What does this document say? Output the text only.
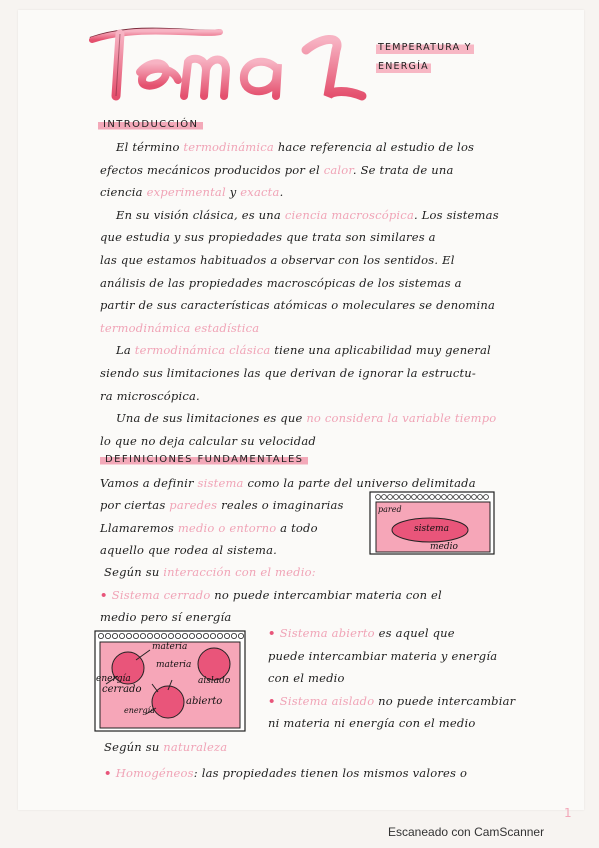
TEMPERATURA Y
ENERGÍA
INTRODUCCIÓN
El término termodinámica hace referencia al estudio de los
efectos mecánicos producidos por el calor. Se trata de una
ciencia experimental y exacta.
En su visión clásica, es una ciencia macroscópica. Los sistemas
que estudia y sus propiedades que trata son similares a
las que estamos habituados a observar con los sentidos. El
análisis de las propiedades macroscópicas de los sistemas a
partir de sus características atómicas o moleculares se denomina
termodinámica estadística
La termodinámica clásica tiene una aplicabilidad muy general
siendo sus limitaciones las que derivan de ignorar la estructu-
ra microscópica.
Una de sus limitaciones es que no considera la variable tiempo
lo que no deja calcular su velocidad
DEFINICIONES FUNDAMENTALES
Vamos a definir sistema como la parte del universo delimitada
por ciertas paredes reales o imaginarias
Llamaremos medio o entorno a todo
aquello que rodea al sistema.
Según su interacción con el medio:
• Sistema cerrado no puede intercambiar materia con el
medio pero sí energía
• Sistema abierto es aquel que
puede intercambiar materia y energía
con el medio
• Sistema aislado no puede intercambiar
ni materia ni energía con el medio
Según su naturaleza
• Homogéneos: las propiedades tienen los mismos valores o
pared
sistema
medio
materia
materia
energía
cerrado
aislado
abierto
energía
1
Escaneado con CamScanner
